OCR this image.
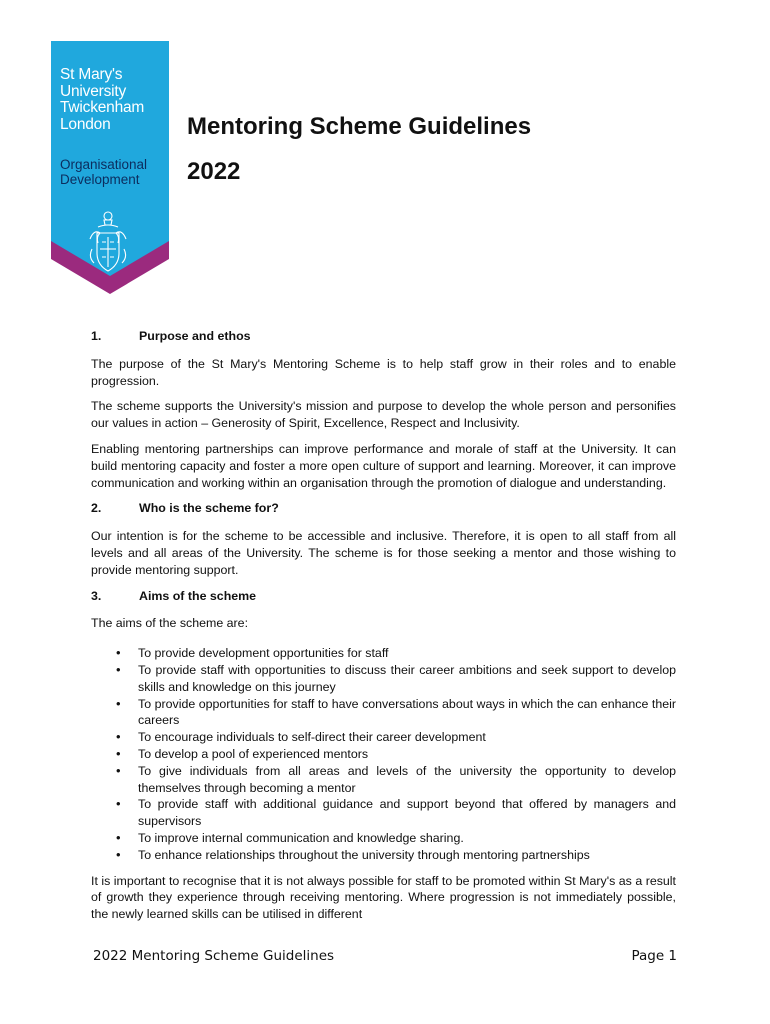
St Mary's
University
Twickenham
London
Organisational
Development
Mentoring Scheme Guidelines
2022
1.	Purpose and ethos

The purpose of the St Mary's Mentoring Scheme is to help staff grow in their roles and to enable progression.

The scheme supports the University's mission and purpose to develop the whole person and personifies our values in action – Generosity of Spirit, Excellence, Respect and Inclusivity.

Enabling mentoring partnerships can improve performance and morale of staff at the University. It can build mentoring capacity and foster a more open culture of support and learning. Moreover, it can improve communication and working within an organisation through the promotion of dialogue and understanding.

2.	Who is the scheme for?

Our intention is for the scheme to be accessible and inclusive. Therefore, it is open to all staff from all levels and all areas of the University. The scheme is for those seeking a mentor and those wishing to provide mentoring support.

3.	Aims of the scheme

The aims of the scheme are:

• To provide development opportunities for staff
• To provide staff with opportunities to discuss their career ambitions and seek support to develop skills and knowledge on this journey
• To provide opportunities for staff to have conversations about ways in which the can enhance their careers
• To encourage individuals to self-direct their career development
• To develop a pool of experienced mentors
• To give individuals from all areas and levels of the university the opportunity to develop themselves through becoming a mentor
• To provide staff with additional guidance and support beyond that offered by managers and supervisors
• To improve internal communication and knowledge sharing.
• To enhance relationships throughout the university through mentoring partnerships

It is important to recognise that it is not always possible for staff to be promoted within St Mary's as a result of growth they experience through receiving mentoring. Where progression is not immediately possible, the newly learned skills can be utilised in different

2022 Mentoring Scheme Guidelines	Page 1
